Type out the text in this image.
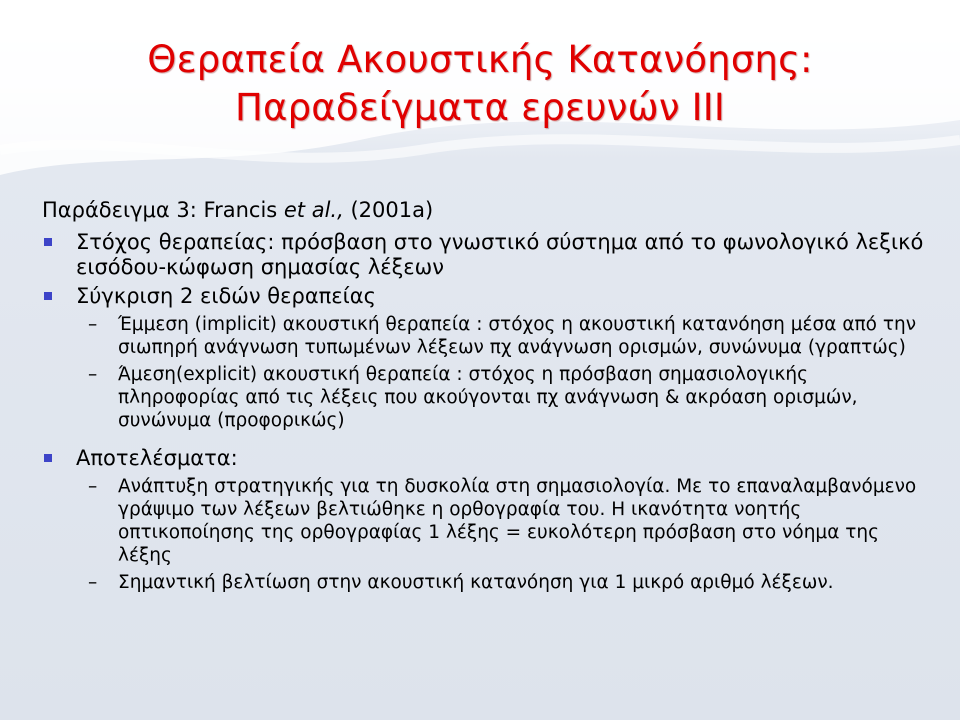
Θεραπεία Ακουστικής Κατανόησης:
Παραδείγματα ερευνών ΙΙΙ
Παράδειγμα 3: Francis et al., (2001a)
Στόχος θεραπείας: πρόσβαση στο γνωστικό σύστημα από το φωνολογικό λεξικό εισόδου-κώφωση σημασίας λέξεων
Σύγκριση 2 ειδών θεραπείας
– Έμμεση (implicit) ακουστική θεραπεία : στόχος η ακουστική κατανόηση μέσα από την σιωπηρή ανάγνωση τυπωμένων λέξεων πχ ανάγνωση ορισμών, συνώνυμα (γραπτώς)
– Άμεση(explicit) ακουστική θεραπεία : στόχος η πρόσβαση σημασιολογικής πληροφορίας από τις λέξεις που ακούγονται πχ ανάγνωση & ακρόαση ορισμών, συνώνυμα (προφορικώς)
Αποτελέσματα:
– Ανάπτυξη στρατηγικής για τη δυσκολία στη σημασιολογία. Με το επαναλαμβανόμενο γράψιμο των λέξεων βελτιώθηκε η ορθογραφία του. Η ικανότητα νοητής οπτικοποίησης της ορθογραφίας 1 λέξης = ευκολότερη πρόσβαση στο νόημα της λέξης
– Σημαντική βελτίωση στην ακουστική κατανόηση για 1 μικρό αριθμό λέξεων.
